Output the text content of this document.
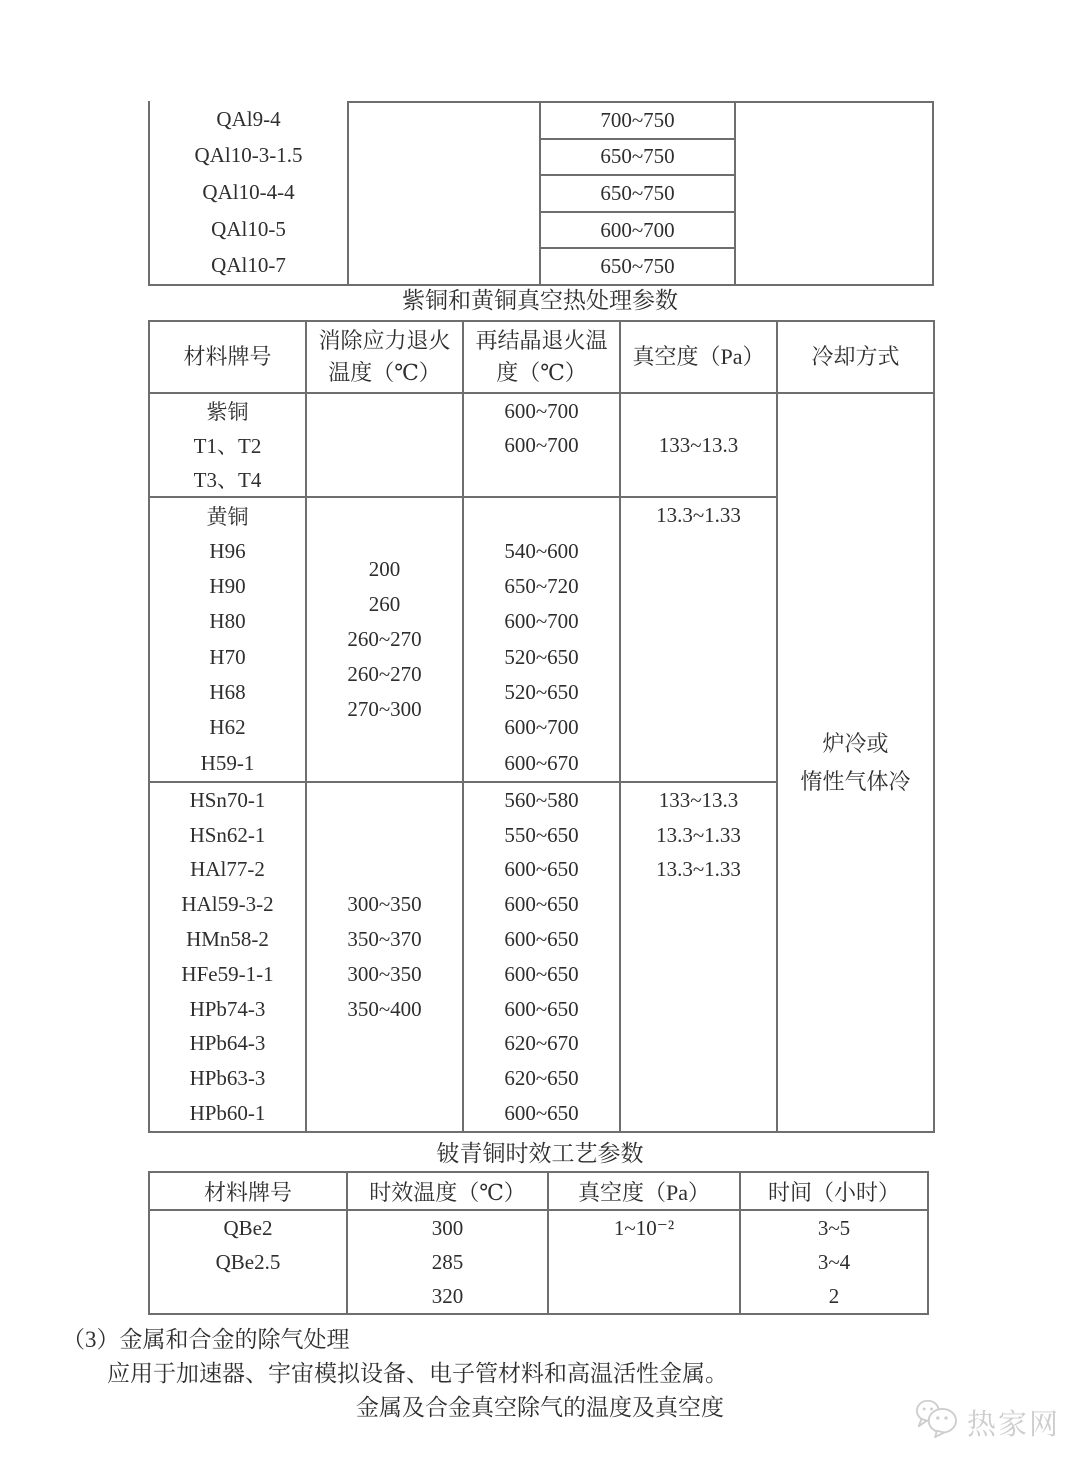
QAl9-4
QAl10-3-1.5
QAl10-4-4
QAl10-5
QAl10-7
700~750
650~750
650~750
600~700
650~750
紫铜和黄铜真空热处理参数
材料牌号
紫铜
T1、T2
T3、T4
黄铜
H96
H90
H80
H70
H68
H62
H59-1
HSn70-1
HSn62-1
HAl77-2
HAl59-3-2
HMn58-2
HFe59-1-1
HPb74-3
HPb64-3
HPb63-3
HPb60-1
消除应力退火
温度（℃）
200
260
260~270
260~270
270~300
300~350
350~370
300~350
350~400
再结晶退火温
度（℃）
600~700
600~700
540~600
650~720
600~700
520~650
520~650
600~700
600~670
560~580
550~650
600~650
600~650
600~650
600~650
600~650
620~670
620~650
600~650
真空度（Pa）
133~13.3
13.3~1.33
133~13.3
13.3~1.33
13.3~1.33
冷却方式
炉冷或
惰性气体冷
铍青铜时效工艺参数
材料牌号
QBe2
QBe2.5
时效温度（℃）
300
285
320
真空度（Pa）
1~10⁻²
时间（小时）
3~5
3~4
2
（3）金属和合金的除气处理
应用于加速器、宇宙模拟设备、电子管材料和高温活性金属。
金属及合金真空除气的温度及真空度
热家网
